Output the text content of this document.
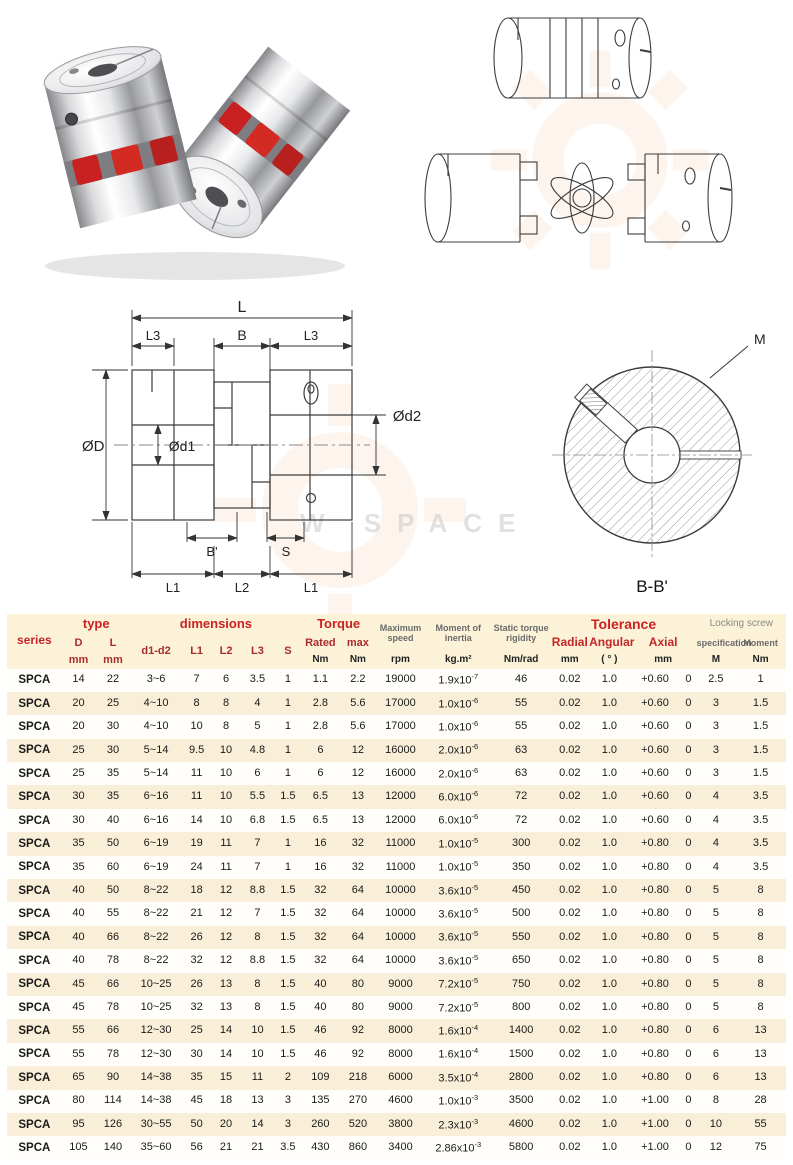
W SPACE
L
L3	B	L3
ØD	Ød1
Ød2
B'	S
L1	L2	L1
M
B-B'
series	type		dimensions					Torque		Maximum speed	Moment of inertia	Static torque rigidity	Tolerance				Locking screw	
	D	L	d1-d2	L1	L2	L3	S	Rated	max				Radial	Angular	Axial		specification	Moment
	mm	mm						Nm	Nm	rpm	kg.m²	Nm/rad	mm	( ° )	mm		M	Nm
SPCA	14	22	3~6	7	6	3.5	1	1.1	2.2	19000	$1.9x10^{-7}$	46	0.02	1.0	+0.60	0	2.5	1
SPCA	20	25	4~10	8	8	4	1	2.8	5.6	17000	$1.0x10^{-6}$	55	0.02	1.0	+0.60	0	3	1.5
SPCA	20	30	4~10	10	8	5	1	2.8	5.6	17000	$1.0x10^{-6}$	55	0.02	1.0	+0.60	0	3	1.5
SPCA	25	30	5~14	9.5	10	4.8	1	6	12	16000	$2.0x10^{-6}$	63	0.02	1.0	+0.60	0	3	1.5
SPCA	25	35	5~14	11	10	6	1	6	12	16000	$2.0x10^{-6}$	63	0.02	1.0	+0.60	0	3	1.5
SPCA	30	35	6~16	11	10	5.5	1.5	6.5	13	12000	$6.0x10^{-6}$	72	0.02	1.0	+0.60	0	4	3.5
SPCA	30	40	6~16	14	10	6.8	1.5	6.5	13	12000	$6.0x10^{-6}$	72	0.02	1.0	+0.60	0	4	3.5
SPCA	35	50	6~19	19	11	7	1	16	32	11000	$1.0x10^{-5}$	300	0.02	1.0	+0.80	0	4	3.5
SPCA	35	60	6~19	24	11	7	1	16	32	11000	$1.0x10^{-5}$	350	0.02	1.0	+0.80	0	4	3.5
SPCA	40	50	8~22	18	12	8.8	1.5	32	64	10000	$3.6x10^{-5}$	450	0.02	1.0	+0.80	0	5	8
SPCA	40	55	8~22	21	12	7	1.5	32	64	10000	$3.6x10^{-5}$	500	0.02	1.0	+0.80	0	5	8
SPCA	40	66	8~22	26	12	8	1.5	32	64	10000	$3.6x10^{-5}$	550	0.02	1.0	+0.80	0	5	8
SPCA	40	78	8~22	32	12	8.8	1.5	32	64	10000	$3.6x10^{-5}$	650	0.02	1.0	+0.80	0	5	8
SPCA	45	66	10~25	26	13	8	1.5	40	80	9000	$7.2x10^{-5}$	750	0.02	1.0	+0.80	0	5	8
SPCA	45	78	10~25	32	13	8	1.5	40	80	9000	$7.2x10^{-5}$	800	0.02	1.0	+0.80	0	5	8
SPCA	55	66	12~30	25	14	10	1.5	46	92	8000	$1.6x10^{-4}$	1400	0.02	1.0	+0.80	0	6	13
SPCA	55	78	12~30	30	14	10	1.5	46	92	8000	$1.6x10^{-4}$	1500	0.02	1.0	+0.80	0	6	13
SPCA	65	90	14~38	35	15	11	2	109	218	6000	$3.5x10^{-4}$	2800	0.02	1.0	+0.80	0	6	13
SPCA	80	114	14~38	45	18	13	3	135	270	4600	$1.0x10^{-3}$	3500	0.02	1.0	+1.00	0	8	28
SPCA	95	126	30~55	50	20	14	3	260	520	3800	$2.3x10^{-3}$	4600	0.02	1.0	+1.00	0	10	55
SPCA	105	140	35~60	56	21	21	3.5	430	860	3400	$2.86x10^{-3}$	5800	0.02	1.0	+1.00	0	12	75
